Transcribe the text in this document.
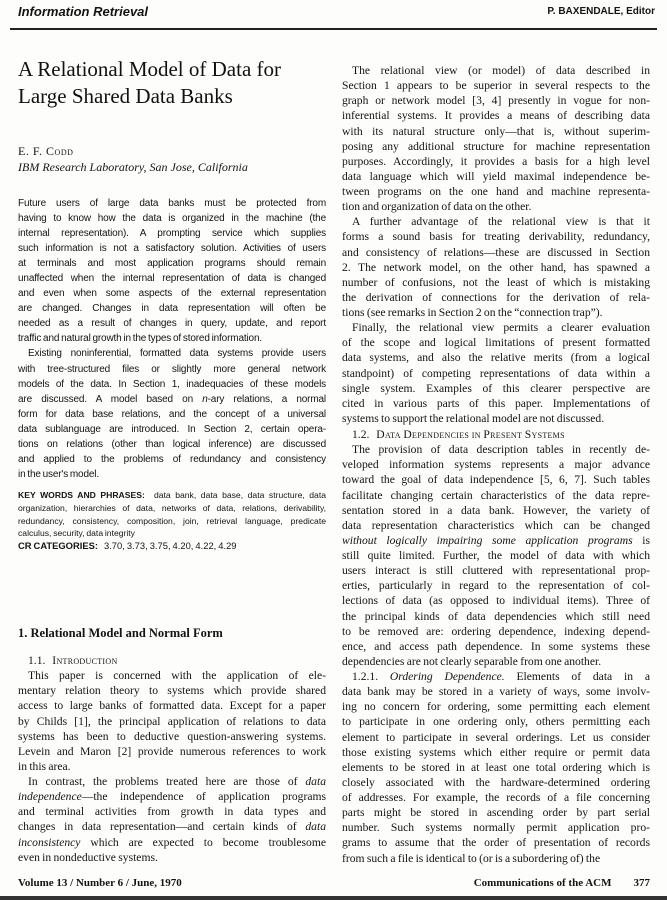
Information Retrieval	P. BAXENDALE, Editor
A Relational Model of Data for
Large Shared Data Banks
E. F. Codd
IBM Research Laboratory, San Jose, California
Future users of large data banks must be protected from
having to know how the data is organized in the machine (the
internal representation). A prompting service which supplies
such information is not a satisfactory solution. Activities of users
at terminals and most application programs should remain
unaffected when the internal representation of data is changed
and even when some aspects of the external representation
are changed. Changes in data representation will often be
needed as a result of changes in query, update, and report
traffic and natural growth in the types of stored information.
Existing noninferential, formatted data systems provide users
with tree-structured files or slightly more general network
models of the data. In Section 1, inadequacies of these models
are discussed. A model based on n-ary relations, a normal
form for data base relations, and the concept of a universal
data sublanguage are introduced. In Section 2, certain opera-
tions on relations (other than logical inference) are discussed
and applied to the problems of redundancy and consistency
in the user's model.
KEY WORDS AND PHRASES: data bank, data base, data structure, data
organization, hierarchies of data, networks of data, relations, derivability,
redundancy, consistency, composition, join, retrieval language, predicate
calculus, security, data integrity
CR CATEGORIES: 3.70, 3.73, 3.75, 4.20, 4.22, 4.29
1. Relational Model and Normal Form
1.1. Introduction
This paper is concerned with the application of ele-
mentary relation theory to systems which provide shared
access to large banks of formatted data. Except for a paper
by Childs [1], the principal application of relations to data
systems has been to deductive question-answering systems.
Levein and Maron [2] provide numerous references to work
in this area.
In contrast, the problems treated here are those of data
independence—the independence of application programs
and terminal activities from growth in data types and
changes in data representation—and certain kinds of data
inconsistency which are expected to become troublesome
even in nondeductive systems.
The relational view (or model) of data described in
Section 1 appears to be superior in several respects to the
graph or network model [3, 4] presently in vogue for non-
inferential systems. It provides a means of describing data
with its natural structure only—that is, without superim-
posing any additional structure for machine representation
purposes. Accordingly, it provides a basis for a high level
data language which will yield maximal independence be-
tween programs on the one hand and machine representa-
tion and organization of data on the other.
A further advantage of the relational view is that it
forms a sound basis for treating derivability, redundancy,
and consistency of relations—these are discussed in Section
2. The network model, on the other hand, has spawned a
number of confusions, not the least of which is mistaking
the derivation of connections for the derivation of rela-
tions (see remarks in Section 2 on the “connection trap”).
Finally, the relational view permits a clearer evaluation
of the scope and logical limitations of present formatted
data systems, and also the relative merits (from a logical
standpoint) of competing representations of data within a
single system. Examples of this clearer perspective are
cited in various parts of this paper. Implementations of
systems to support the relational model are not discussed.
1.2. Data Dependencies in Present Systems
The provision of data description tables in recently de-
veloped information systems represents a major advance
toward the goal of data independence [5, 6, 7]. Such tables
facilitate changing certain characteristics of the data repre-
sentation stored in a data bank. However, the variety of
data representation characteristics which can be changed
without logically impairing some application programs is
still quite limited. Further, the model of data with which
users interact is still cluttered with representational prop-
erties, particularly in regard to the representation of col-
lections of data (as opposed to individual items). Three of
the principal kinds of data dependencies which still need
to be removed are: ordering dependence, indexing depend-
ence, and access path dependence. In some systems these
dependencies are not clearly separable from one another.
1.2.1. Ordering Dependence. Elements of data in a
data bank may be stored in a variety of ways, some involv-
ing no concern for ordering, some permitting each element
to participate in one ordering only, others permitting each
element to participate in several orderings. Let us consider
those existing systems which either require or permit data
elements to be stored in at least one total ordering which is
closely associated with the hardware-determined ordering
of addresses. For example, the records of a file concerning
parts might be stored in ascending order by part serial
number. Such systems normally permit application pro-
grams to assume that the order of presentation of records
from such a file is identical to (or is a subordering of) the
Volume 13 / Number 6 / June, 1970	Communications of the ACM 377
